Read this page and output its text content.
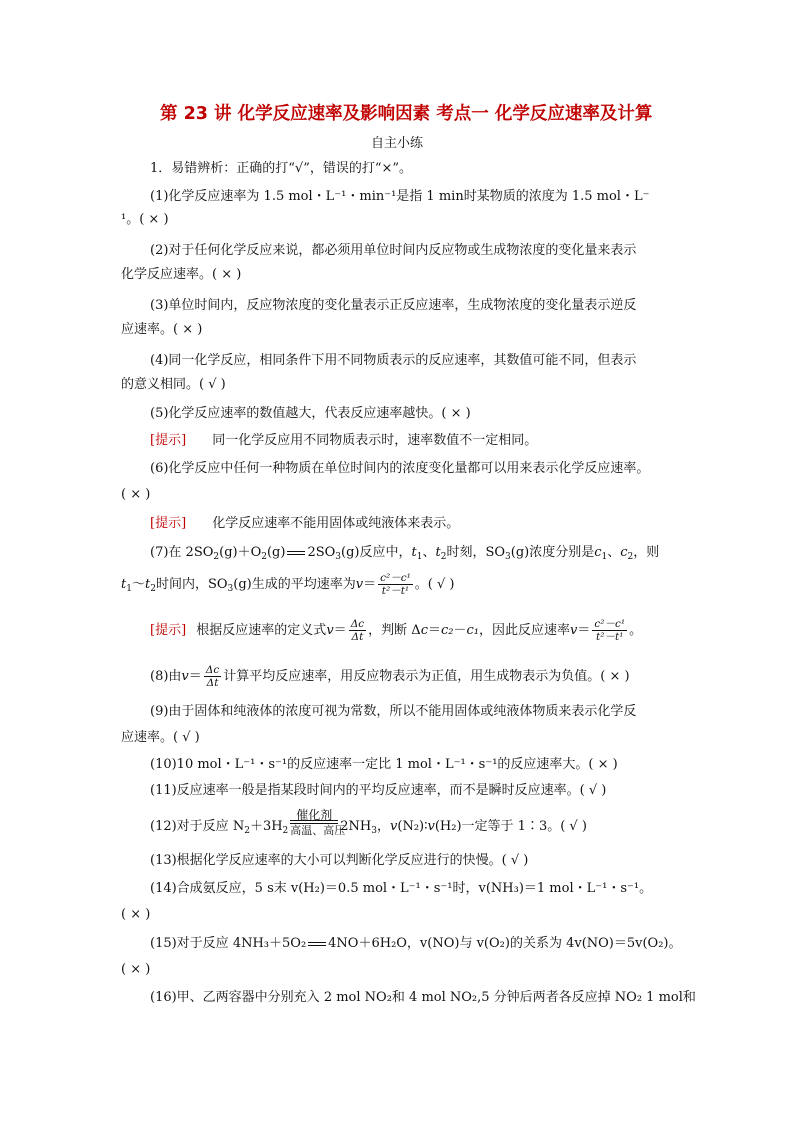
第 23 讲 化学反应速率及影响因素 考点一 化学反应速率及计算
自主小练
1．易错辨析：正确的打“√”，错误的打“×”。
(1)化学反应速率为 1.5 mol・L⁻¹・min⁻¹是指 1 min时某物质的浓度为 1.5 mol・L⁻
¹。( × )
(2)对于任何化学反应来说，都必须用单位时间内反应物或生成物浓度的变化量来表示
化学反应速率。( × )
(3)单位时间内，反应物浓度的变化量表示正反应速率，生成物浓度的变化量表示逆反
应速率。( × )
(4)同一化学反应，相同条件下用不同物质表示的反应速率，其数值可能不同，但表示
的意义相同。( √ )
(5)化学反应速率的数值越大，代表反应速率越快。( × )
[提示] 同一化学反应用不同物质表示时，速率数值不一定相同。
(6)化学反应中任何一种物质在单位时间内的浓度变化量都可以用来表示化学反应速率。
( × )
[提示] 化学反应速率不能用固体或纯液体来表示。
(7)在 $2SO_2(g)+O_2(g)$ $2SO_3(g)$反应中，$t_1$、$t_2$时刻，$SO_3(g)$浓度分别是$c_1$、$c_2$，则
$t_1\sim t_2$时间内，$SO_3(g)$生成的平均速率为$v= \frac{\text{c²－c¹}}{\text{t²－t¹}}$ 。( √ )
[提示] 根据反应速率的定义式$v= \frac{\Delta c}{\Delta t}$ ，判断 Δc＝c₂－c₁，因此反应速率$v= \frac{\text{c²－c¹}}{\text{t²－t¹}}$ 。
(8)由$v= \frac{\Delta c}{\Delta t}$ 计算平均反应速率，用反应物表示为正值，用生成物表示为负值。( × )
(9)由于固体和纯液体的浓度可视为常数，所以不能用固体或纯液体物质来表示化学反
应速率。( √ )
(10)10 mol・L⁻¹・s⁻¹的反应速率一定比 1 mol・L⁻¹・s⁻¹的反应速率大。( × )
(11)反应速率一般是指某段时间内的平均反应速率，而不是瞬时反应速率。( √ )
(12)对于反应 $N_2+3H_2$
催化剂
高温、高压
$2NH_3$，v(N₂)∶v(H₂)一定等于 1∶3。( √ )
(13)根据化学反应速率的大小可以判断化学反应进行的快慢。( √ )
(14)合成氨反应，5 s末 v(H₂)＝0.5 mol・L⁻¹・s⁻¹时，v(NH₃)＝1 mol・L⁻¹・s⁻¹。
( × )
(15)对于反应 4NH₃＋5O₂ 4NO＋6H₂O，v(NO)与 v(O₂)的关系为 4v(NO)＝5v(O₂)。
( × )
(16)甲、乙两容器中分别充入 2 mol NO₂和 4 mol NO₂,5 分钟后两者各反应掉 NO₂ 1 mol和
